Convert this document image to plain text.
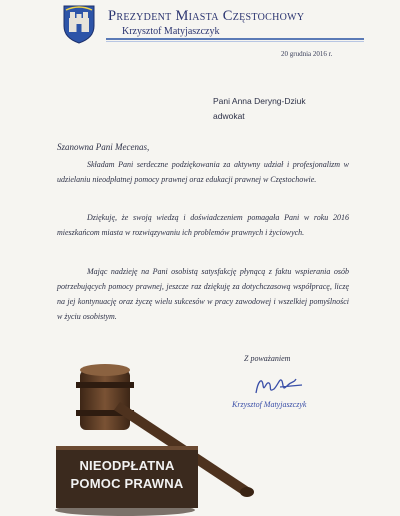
Prezydent Miasta Częstochowy
Krzysztof Matyjaszczyk
20 grudnia 2016 r.
Pani Anna Deryng-Dziuk
adwokat
Szanowna Pani Mecenas,
Składam Pani serdeczne podziękowania za aktywny udział i profesjonalizm w udzielaniu nieodpłatnej pomocy prawnej oraz edukacji prawnej w Częstochowie.
Dziękuję, że swoją wiedzą i doświadczeniem pomagała Pani w roku 2016 mieszkańcom miasta w rozwiązywaniu ich problemów prawnych i życiowych.
Mając nadzieję na Pani osobistą satysfakcję płynącą z faktu wspierania osób potrzebujących pomocy prawnej, jeszcze raz dziękuję za dotychczasową współpracę, liczę na jej kontynuację oraz życzę wielu sukcesów w pracy zawodowej i wszelkiej pomyślności w życiu osobistym.
Z poważaniem
Krzysztof Matyjaszczyk
NIEODPŁATNA
POMOC PRAWNA
